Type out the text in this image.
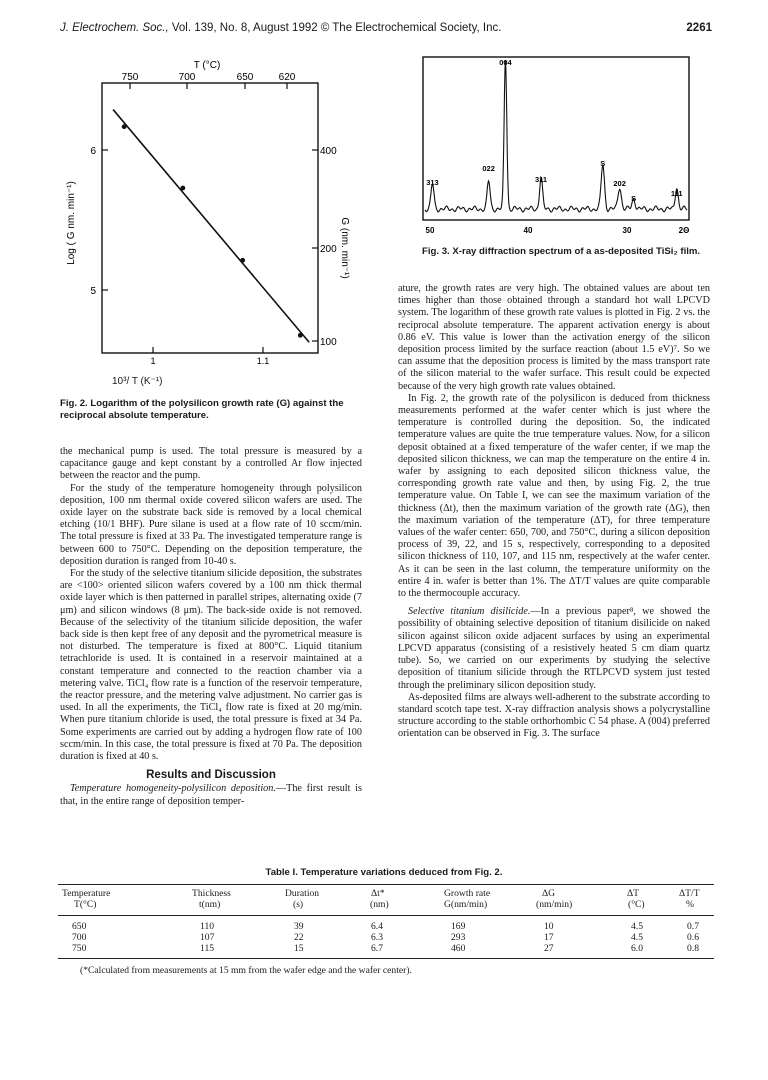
J. Electrochem. Soc., Vol. 139, No. 8, August 1992 © The Electrochemical Society, Inc.	2261
T (°C)
750	700	650	620
6
5
400
200
100
1	1.1
Log ( G nm. min⁻¹)	G (nm. min⁻¹)
10³/ T (K⁻¹)
Fig. 2. Logarithm of the polysilicon growth rate (G) against the reciprocal absolute temperature.
004
313
022
311
S
202
S
111
50	40	30	2Θ
Fig. 3. X-ray diffraction spectrum of a as-deposited TiSi₂ film.

the mechanical pump is used. The total pressure is measured by a capacitance gauge and kept constant by a controlled Ar flow injected between the reactor and the pump.

For the study of the temperature homogeneity through polysilicon deposition, 100 nm thermal oxide covered silicon wafers are used. The oxide layer on the substrate back side is removed by a local chemical etching (10/1 BHF). Pure silane is used at a flow rate of 10 sccm/min. The total pressure is fixed at 33 Pa. The investigated temperature range is between 600 to 750°C. Depending on the deposition temperature, the deposition duration is ranged from 10-40 s.

For the study of the selective titanium silicide deposition, the substrates are <100> oriented silicon wafers covered by a 100 nm thick thermal oxide layer which is then patterned in parallel stripes, alternating oxide (7 μm) and silicon windows (8 μm). The back-side oxide is not removed. Because of the selectivity of the titanium silicide deposition, the wafer back side is then kept free of any deposit and the pyrometrical measure is not disturbed. The temperature is fixed at 800°C. Liquid titanium tetrachloride is used. It is contained in a reservoir maintained at a constant temperature and connected to the reaction chamber via a metering valve. TiCl₄ flow rate is a function of the reservoir temperature, the reactor pressure, and the metering valve adjustment. No carrier gas is used. In all the experiments, the TiCl₄ flow rate is fixed at 20 mg/min. When pure titanium chloride is used, the total pressure is fixed at 34 Pa. Some experiments are carried out by adding a hydrogen flow rate of 100 sccm/min. In this case, the total pressure is fixed at 70 Pa. The deposition duration is fixed at 40 s.

Results and Discussion

Temperature homogeneity-polysilicon deposition.—The first result is that, in the entire range of deposition temper-

ature, the growth rates are very high. The obtained values are about ten times higher than those obtained through a standard hot wall LPCVD system. The logarithm of these growth rate values is plotted in Fig. 2 vs. the reciprocal absolute temperature. The apparent activation energy is about 0.86 eV. This value is lower than the activation energy of the silicon deposition process limited by the surface reaction (about 1.5 eV)⁷. So we can assume that the deposition process is limited by the mass transport rate of the silicon material to the wafer surface. This result could be expected because of the very high growth rate values obtained.

In Fig. 2, the growth rate of the polysilicon is deduced from thickness measurements performed at the wafer center which is just where the temperature is controlled during the deposition. So, the indicated temperature values are quite the true temperature values. Now, for a silicon deposit obtained at a fixed temperature of the wafer center, if we map the deposited silicon thickness, we can map the temperature on the entire 4 in. wafer by assigning to each deposited silicon thickness value, the corresponding growth rate value and then, by using Fig. 2, the true temperature value. On Table I, we can see the maximum variation of the thickness (Δt), then the maximum variation of the growth rate (ΔG), then the maximum variation of the temperature (ΔT), for three temperature values of the wafer center: 650, 700, and 750°C, during a silicon deposition process of 39, 22, and 15 s, respectively, corresponding to a deposited silicon thickness of 110, 107, and 115 nm, respectively at the wafer center. As it can be seen in the last column, the temperature uniformity on the entire 4 in. wafer is better than 1%. The ΔT/T values are quite comparable to the thermocouple accuracy.

Selective titanium disilicide.—In a previous paper⁸, we showed the possibility of obtaining selective deposition of titanium disilicide on naked silicon against silicon oxide adjacent surfaces by using an experimental LPCVD apparatus (consisting of a resistively heated 5 cm diam quartz tube). So, we carried on our experiments by studying the selective deposition of titanium silicide through the RTLPCVD system just tested through the preliminary silicon deposition study.

As-deposited films are always well-adherent to the substrate according to standard scotch tape test. X-ray diffraction analysis shows a polycrystalline structure according to the stable orthorhombic C 54 phase. A (004) preferred orientation can be observed in Fig. 3. The surface

Table I. Temperature variations deduced from Fig. 2.
Temperature	Thickness	Duration	Δt*	Growth rate	ΔG	ΔT	ΔT/T
T(°C)	t(nm)	(s)	(nm)	G(nm/min)	(nm/min)	(°C)	%
650	110	39	6.4	169	10	4.5	0.7
700	107	22	6.3	293	17	4.5	0.6
750	115	15	6.7	460	27	6.0	0.8
(*Calculated from measurements at 15 mm from the wafer edge and the wafer center).
